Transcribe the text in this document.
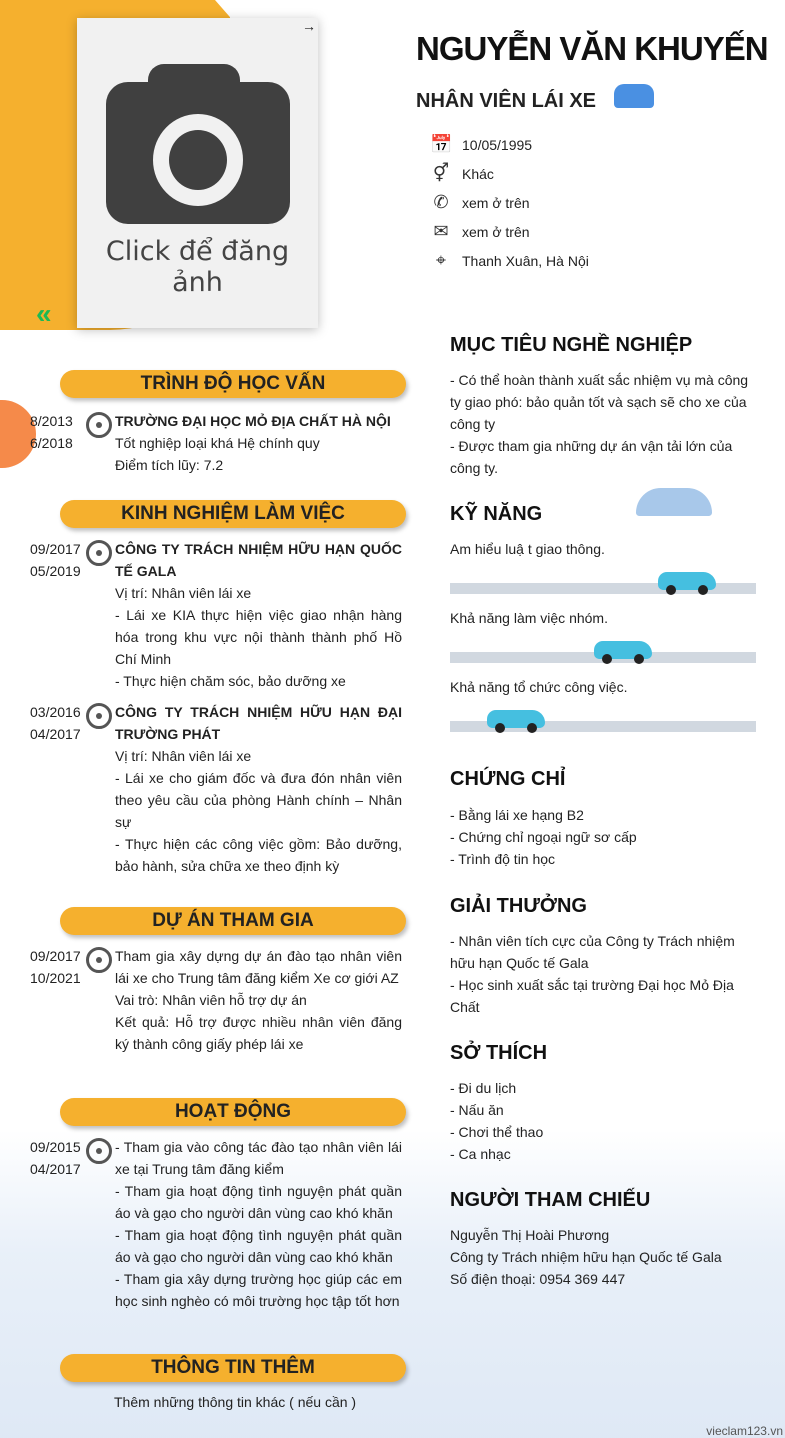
Click để đăng ảnh
→
«
NGUYỄN VĂN KHUYẾN
NHÂN VIÊN LÁI XE
📅 10/05/1995
⚥ Khác
✆ xem ở trên
✉ xem ở trên
⌖	Thanh Xuân, Hà Nội
TRÌNH ĐỘ HỌC VẤN
8/2013
6/2018
TRƯỜNG ĐẠI HỌC MỎ ĐỊA CHẤT HÀ NỘI
Tốt nghiệp loại khá Hệ chính quy
Điểm tích lũy: 7.2
KINH NGHIỆM LÀM VIỆC
09/2017
05/2019
CÔNG TY TRÁCH NHIỆM HỮU HẠN QUỐC TẾ GALA
Vị trí: Nhân viên lái xe
- Lái xe KIA thực hiện việc giao nhận hàng hóa trong khu vực nội thành thành phố Hồ Chí Minh
- Thực hiện chăm sóc, bảo dưỡng xe
03/2016
04/2017
CÔNG TY TRÁCH NHIỆM HỮU HẠN ĐẠI TRƯỜNG PHÁT
Vị trí: Nhân viên lái xe
- Lái xe cho giám đốc và đưa đón nhân viên theo yêu cầu của phòng Hành chính – Nhân sự
- Thực hiện các công việc gồm: Bảo dưỡng, bảo hành, sửa chữa xe theo định kỳ
DỰ ÁN THAM GIA
09/2017
10/2021
Tham gia xây dựng dự án đào tạo nhân viên lái xe cho Trung tâm đăng kiểm Xe cơ giới AZ
Vai trò: Nhân viên hỗ trợ dự án
Kết quả: Hỗ trợ được nhiều nhân viên đăng ký thành công giấy phép lái xe
HOẠT ĐỘNG
09/2015
04/2017
- Tham gia vào công tác đào tạo nhân viên lái xe tại Trung tâm đăng kiểm
- Tham gia hoạt động tình nguyện phát quần áo và gạo cho người dân vùng cao khó khăn
- Tham gia hoạt động tình nguyện phát quần áo và gạo cho người dân vùng cao khó khăn
- Tham gia xây dựng trường học giúp các em học sinh nghèo có môi trường học tập tốt hơn
THÔNG TIN THÊM
Thêm những thông tin khác ( nếu cần )
MỤC TIÊU NGHỀ NGHIỆP
- Có thể hoàn thành xuất sắc nhiệm vụ mà công ty giao phó: bảo quản tốt và sạch sẽ cho xe của công ty
- Được tham gia những dự án vận tải lớn của công ty.
KỸ NĂNG
Am hiểu luậ t giao thông.
Khả năng làm việc nhóm.
Khả năng tổ chức công việc.
CHỨNG CHỈ
- Bằng lái xe hạng B2
- Chứng chỉ ngoại ngữ sơ cấp
- Trình độ tin học
GIẢI THƯỞNG
- Nhân viên tích cực của Công ty Trách nhiệm hữu hạn Quốc tế Gala
- Học sinh xuất sắc tại trường Đại học Mỏ Địa Chất
SỞ THÍCH
- Đi du lịch
- Nấu ăn
- Chơi thể thao
- Ca nhạc
NGƯỜI THAM CHIẾU
Nguyễn Thị Hoài Phương
Công ty Trách nhiệm hữu hạn Quốc tế Gala
Số điện thoại: 0954 369 447
vieclam123.vn
